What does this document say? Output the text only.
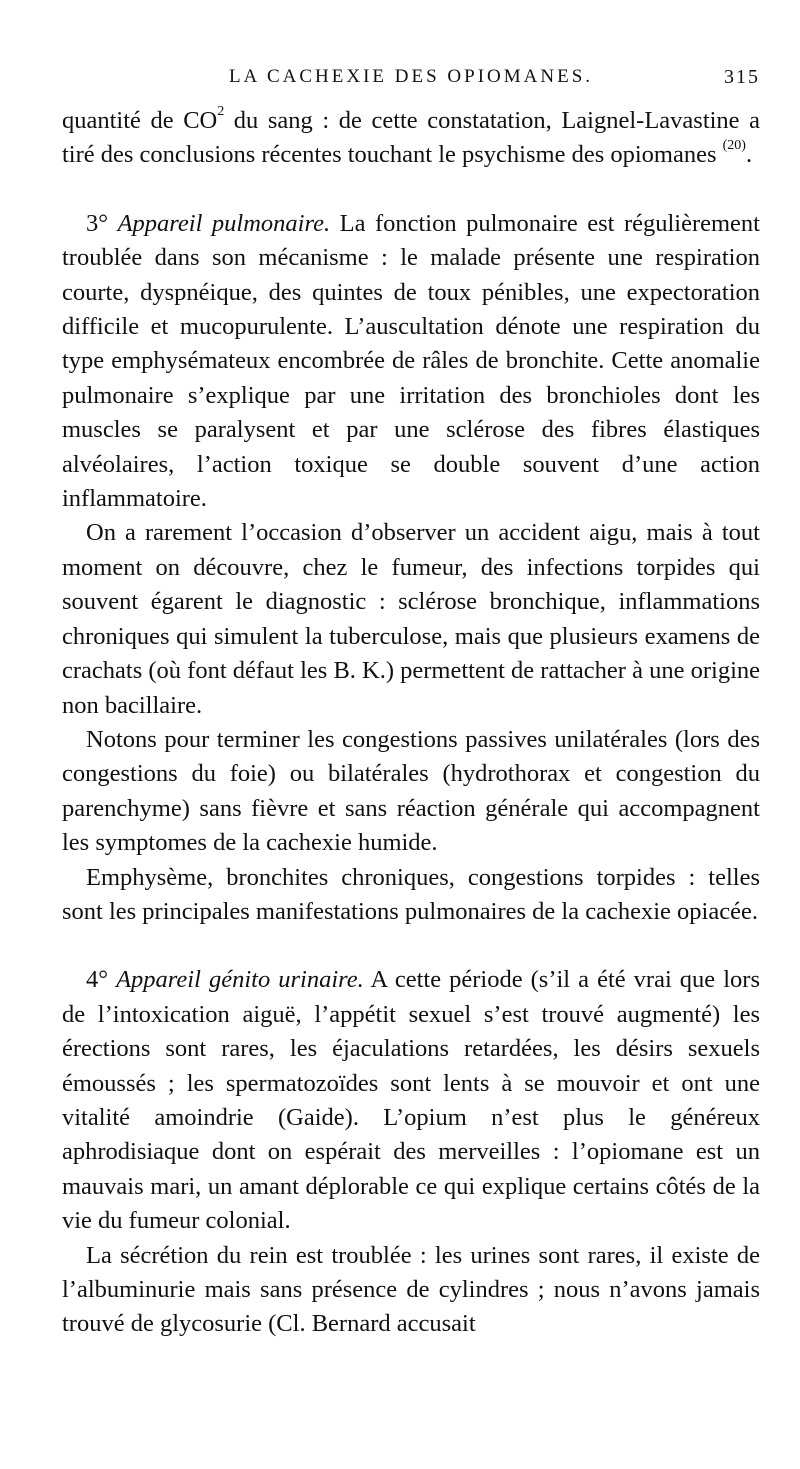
LA CACHEXIE DES OPIOMANES.	315

quantité de $CO^2$ du sang : de cette constatation, Laignel-Lavastine a tiré des conclusions récentes touchant le psychisme des opiomanes $^{(20)}$.

3° Appareil pulmonaire. La fonction pulmonaire est régulièrement troublée dans son mécanisme : le malade présente une respiration courte, dyspnéique, des quintes de toux pénibles, une expectoration difficile et mucopurulente. L’auscultation dénote une respiration du type emphysémateux encombrée de râles de bronchite. Cette anomalie pulmonaire s’explique par une irritation des bronchioles dont les muscles se paralysent et par une sclérose des fibres élastiques alvéolaires, l’action toxique se double souvent d’une action inflammatoire.

On a rarement l’occasion d’observer un accident aigu, mais à tout moment on découvre, chez le fumeur, des infections torpides qui souvent égarent le diagnostic : sclérose bronchique, inflammations chroniques qui simulent la tuberculose, mais que plusieurs examens de crachats (où font défaut les B. K.) permettent de rattacher à une origine non bacillaire.

Notons pour terminer les congestions passives unilatérales (lors des congestions du foie) ou bilatérales (hydrothorax et congestion du parenchyme) sans fièvre et sans réaction générale qui accompagnent les symptomes de la cachexie humide.

Emphysème, bronchites chroniques, congestions torpides : telles sont les principales manifestations pulmonaires de la cachexie opiacée.

4° Appareil génito urinaire. A cette période (s’il a été vrai que lors de l’intoxication aiguë, l’appétit sexuel s’est trouvé augmenté) les érections sont rares, les éjaculations retardées, les désirs sexuels émoussés ; les spermatozoïdes sont lents à se mouvoir et ont une vitalité amoindrie (Gaide). L’opium n’est plus le généreux aphrodisiaque dont on espérait des merveilles : l’opiomane est un mauvais mari, un amant déplorable ce qui explique certains côtés de la vie du fumeur colonial.

La sécrétion du rein est troublée : les urines sont rares, il existe de l’albuminurie mais sans présence de cylindres ; nous n’avons jamais trouvé de glycosurie (Cl. Bernard accusait
